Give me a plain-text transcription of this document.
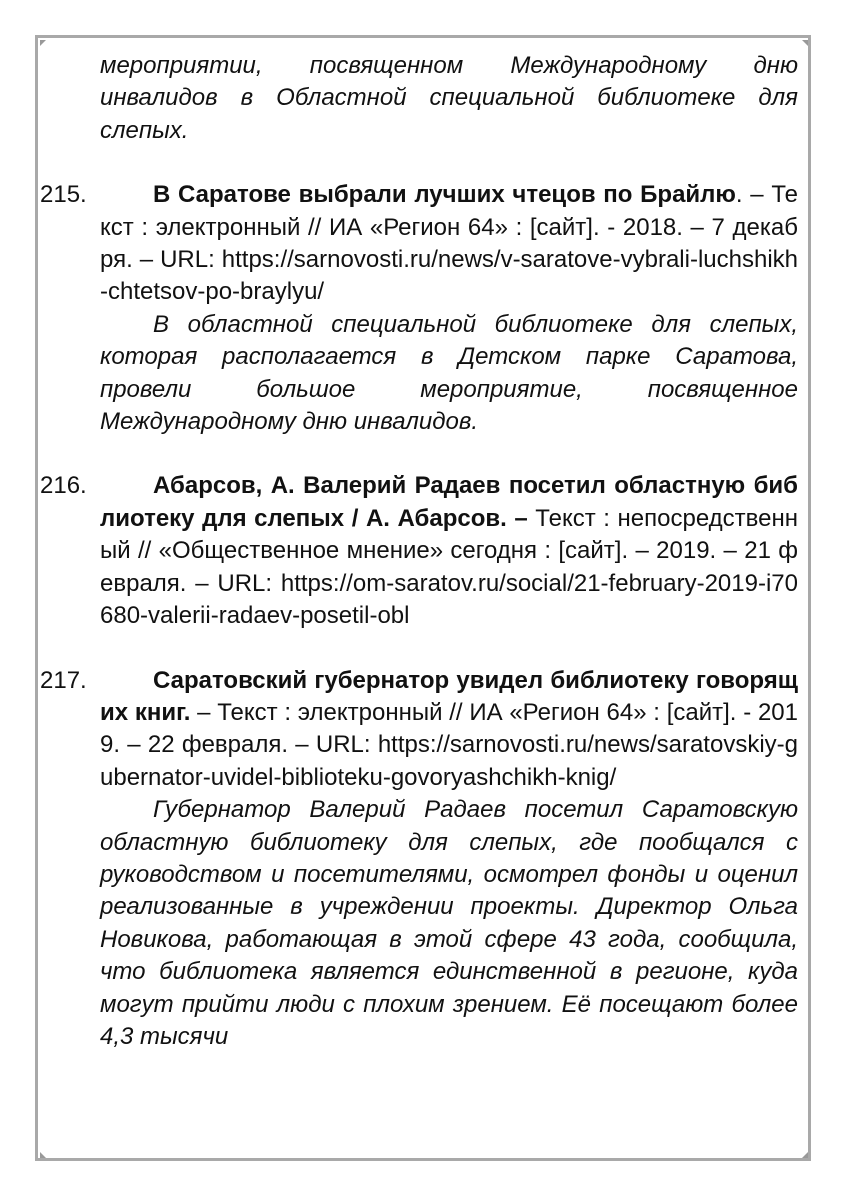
мероприятии, посвященном Международному дню инвалидов в Областной специальной библиотеке для слепых.
215.	В Саратове выбрали лучших чтецов по Брайлю. – Текст : электронный // ИА «Регион 64» : [сайт]. - 2018. – 7 декабря. – URL: https://sarnovosti.ru/news/v-saratove-vybrali-luchshikh-chtetsov-po-braylyu/
В областной специальной библиотеке для слепых, которая располагается в Детском парке Саратова, провели большое мероприятие, посвященное Международному дню инвалидов.
216.	Абарсов, А. Валерий Радаев посетил областную библиотеку для слепых / А. Абарсов. – Текст : непосредственный // «Общественное мнение» сегодня : [сайт]. – 2019. – 21 февраля. – URL: https://om-saratov.ru/social/21-february-2019-i70680-valerii-radaev-posetil-obl
217.	Саратовский губернатор увидел библиотеку говорящих книг. – Текст : электронный // ИА «Регион 64» : [сайт]. - 2019. – 22 февраля. – URL: https://sarnovosti.ru/news/saratovskiy-gubernator-uvidel-biblioteku-govoryashchikh-knig/
Губернатор Валерий Радаев посетил Саратовскую областную библиотеку для слепых, где пообщался с руководством и посетителями, осмотрел фонды и оценил реализованные в учреждении проекты. Директор Ольга Новикова, работающая в этой сфере 43 года, сообщила, что библиотека является единственной в регионе, куда могут прийти люди с плохим зрением. Её посещают более 4,3 тысячи
